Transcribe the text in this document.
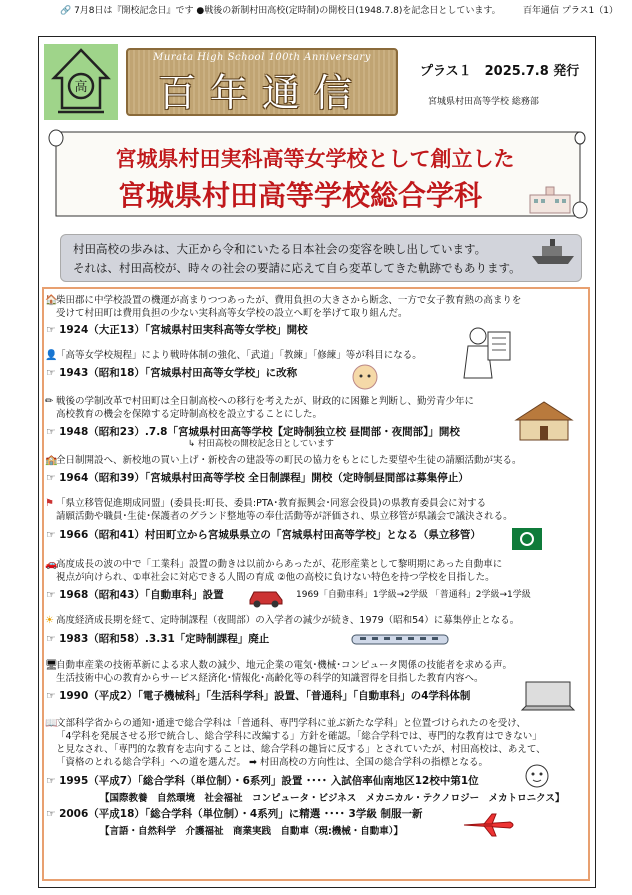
🔗 7月8日は『開校記念日』です ●戦後の新制村田高校(定時制)の開校日(1948.7.8)を記念日としています。 百年通信 プラス1（1）
高
Murata High School 100th Anniversary
百年通信	プラス１　2025.7.8 発行
宮城県村田高等学校 総務部
宮城県村田実科高等女学校として創立した
宮城県村田高等学校総合学科
村田高校の歩みは、大正から令和にいたる日本社会の変容を映し出しています。
それは、村田高校が、時々の社会の要請に応えて自ら変革してきた軌跡でもあります。
🏠
柴田郡に中学校設置の機運が高まりつつあったが、費用負担の大きさから断念、一方で女子教育熱の高まりを
受けて村田町は費用負担の少ない実科高等女学校の設立へ町を挙げて取り組んだ。
☞ 1924（大正13）「宮城県村田実科高等女学校」開校
👤
「高等女学校規程」により戦時体制の強化、「武道」「教練」「修練」等が科目になる。
☞ 1943（昭和18）「宮城県村田高等女学校」に改称
✏ 戦後の学制改革で村田町は全日制高校への移行を考えたが、財政的に困難と判断し、勤労青少年に
高校教育の機会を保障する定時制高校を設立することにした。
☞ 1948（昭和23）.7.8「宮城県村田高等学校【定時制独立校 昼間部・夜間部】」開校
↳ 村田高校の開校記念日としています
🏫
全日制開設へ、新校地の買い上げ・新校舎の建設等の町民の協力をもとにした要望や生徒の請願活動が実る。
☞ 1964（昭和39）「宮城県村田高等学校 全日制課程」開校（定時制昼間部は募集停止）
⚑ 「県立移管促進期成同盟」(委員長:町長、委員:PTA･教育振興会･同窓会役員)の県教育委員会に対する
請願活動や職員･生徒･保護者のグランド整地等の奉仕活動等が評価され、県立移管が県議会で議決される。
☞ 1966（昭和41）村田町立から宮城県県立の「宮城県村田高等学校」となる（県立移管）
🚗
高度成長の波の中で「工業科」設置の動きは以前からあったが、花形産業として黎明期にあった自動車に
視点が向けられ、①車社会に対応できる人間の育成 ②他の高校に負けない特色を持つ学校を目指した。
☞ 1968（昭和43）「自動車科」設置	1969「自動車科」1学級→2学級 「普通科」2学級→1学級
☀ 高度経済成長期を経て、定時制課程（夜間部）の入学者の減少が続き、1979（昭和54）に募集停止となる。
☞ 1983（昭和58）.3.31「定時制課程」廃止
🖥
自動車産業の技術革新による求人数の減少、地元企業の電気･機械･コンピュータ関係の技能者を求める声。
生活技術中心の教育からサービス経済化･情報化･高齢化等の科学的知識習得を目指した教育内容へ。
☞ 1990（平成2）「電子機械科」「生活科学科」設置、「普通科」「自動車科」の4学科体制
📖
文部科学省からの通知･通達で総合学科は「普通科、専門学科に並ぶ新たな学科」と位置づけられたのを受け、
「4学科を発展させる形で統合し、総合学科に改編する」方針を確認。「総合学科では、専門的な教育はできない」
と見なされ、「専門的な教育を志向することは、総合学科の趣旨に反する」とされていたが、村田高校は、あえて、
「資格のとれる総合学科」への道を選んだ。 ➡ 村田高校の方向性は、全国の総合学科の指標となる。
☞ 1995（平成7）「総合学科（単位制）・6系列」設置 ････ 入試倍率仙南地区12校中第1位
【国際教養　自然環境　社会福祉　コンピュータ・ビジネス　メカニカル・テクノロジー　メカトロニクス】
☞ 2006（平成18）「総合学科（単位制）・4系列」に精選 ････ 3学級 制服一新
【言語・自然科学　介護福祉　商業実践　自動車（現:機械・自動車）】
